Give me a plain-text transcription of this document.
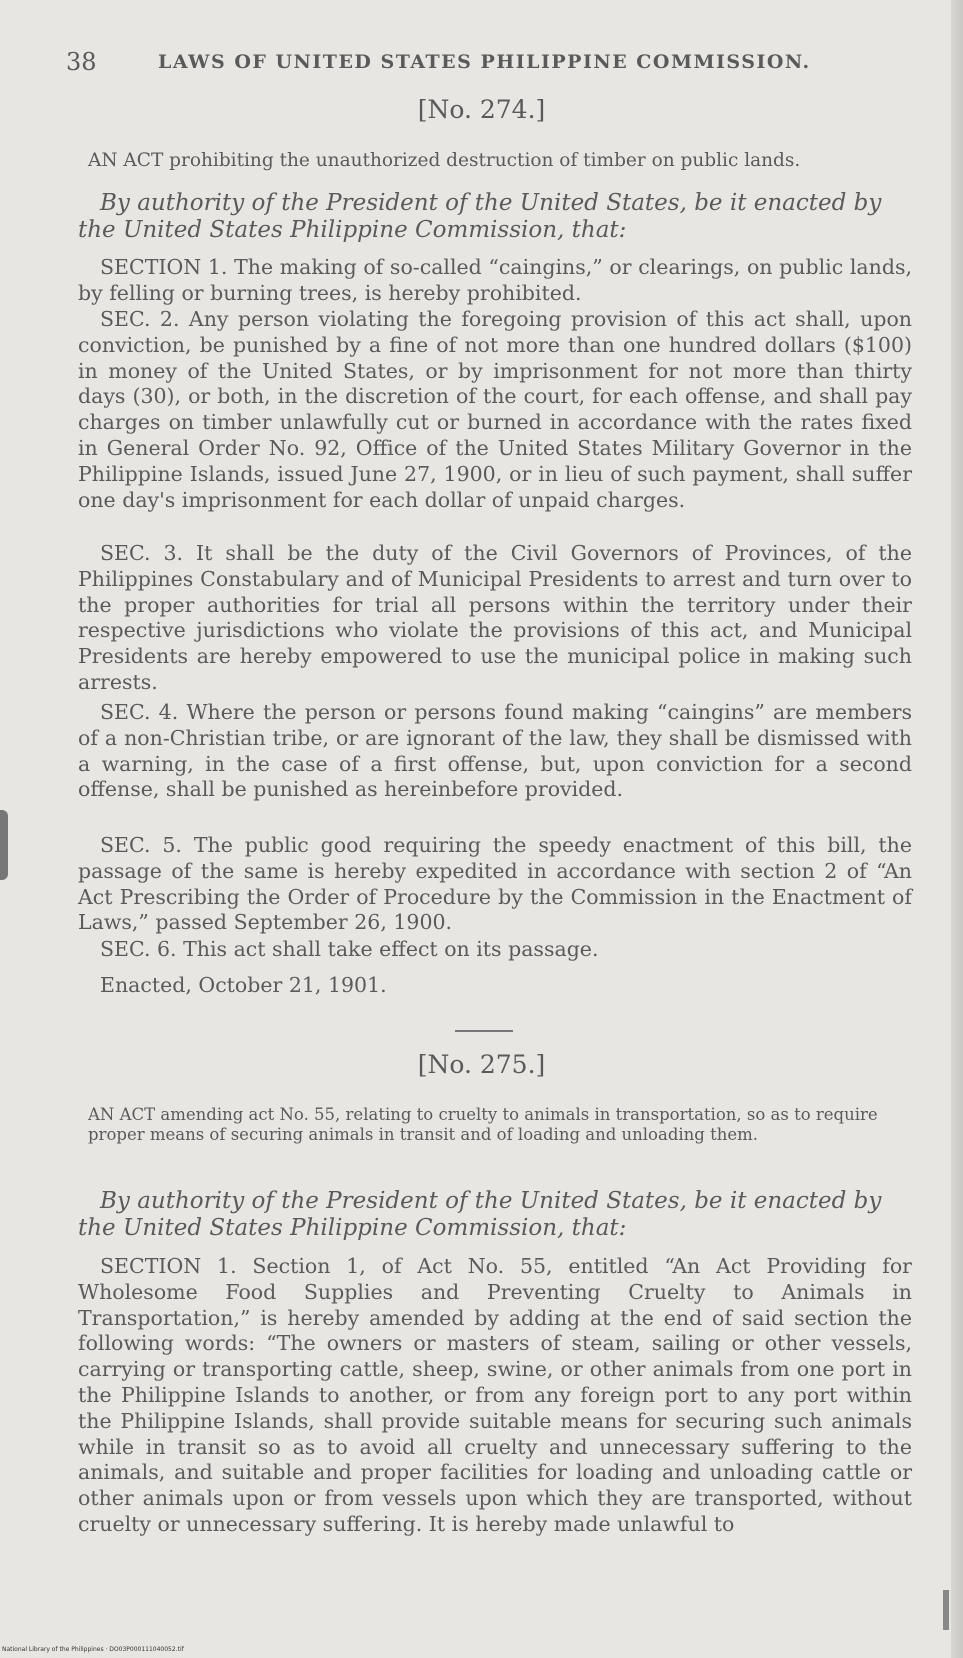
38	LAWS OF UNITED STATES PHILIPPINE COMMISSION.
[No. 274.]
AN ACT prohibiting the unauthorized destruction of timber on public lands.

By authority of the President of the United States, be it enacted by the United States Philippine Commission, that:

SECTION 1. The making of so-called “caingins,” or clearings, on public lands, by felling or burning trees, is hereby prohibited.

SEC. 2. Any person violating the foregoing provision of this act shall, upon conviction, be punished by a fine of not more than one hundred dollars ($100) in money of the United States, or by imprisonment for not more than thirty days (30), or both, in the discretion of the court, for each offense, and shall pay charges on timber unlawfully cut or burned in accordance with the rates fixed in General Order No. 92, Office of the United States Military Governor in the Philippine Islands, issued June 27, 1900, or in lieu of such payment, shall suffer one day's imprisonment for each dollar of unpaid charges.

SEC. 3. It shall be the duty of the Civil Governors of Provinces, of the Philippines Constabulary and of Municipal Presidents to arrest and turn over to the proper authorities for trial all persons within the territory under their respective jurisdictions who violate the provisions of this act, and Municipal Presidents are hereby empowered to use the municipal police in making such arrests.

SEC. 4. Where the person or persons found making “caingins” are members of a non-Christian tribe, or are ignorant of the law, they shall be dismissed with a warning, in the case of a first offense, but, upon conviction for a second offense, shall be punished as hereinbefore provided.

SEC. 5. The public good requiring the speedy enactment of this bill, the passage of the same is hereby expedited in accordance with section 2 of “An Act Prescribing the Order of Procedure by the Commission in the Enactment of Laws,” passed September 26, 1900.

SEC. 6. This act shall take effect on its passage.

Enacted, October 21, 1901.

[No. 275.]
AN ACT amending act No. 55, relating to cruelty to animals in transportation, so as to require proper means of securing animals in transit and of loading and unloading them.

By authority of the President of the United States, be it enacted by the United States Philippine Commission, that:

SECTION 1. Section 1, of Act No. 55, entitled “An Act Providing for Wholesome Food Supplies and Preventing Cruelty to Animals in Transportation,” is hereby amended by adding at the end of said section the following words: “The owners or masters of steam, sailing or other vessels, carrying or transporting cattle, sheep, swine, or other animals from one port in the Philippine Islands to another, or from any foreign port to any port within the Philippine Islands, shall provide suitable means for securing such animals while in transit so as to avoid all cruelty and unnecessary suffering to the animals, and suitable and proper facilities for loading and unloading cattle or other animals upon or from vessels upon which they are transported, without cruelty or unnecessary suffering. It is hereby made unlawful to

National Library of the Philippines · DO03P000111040052.tif
